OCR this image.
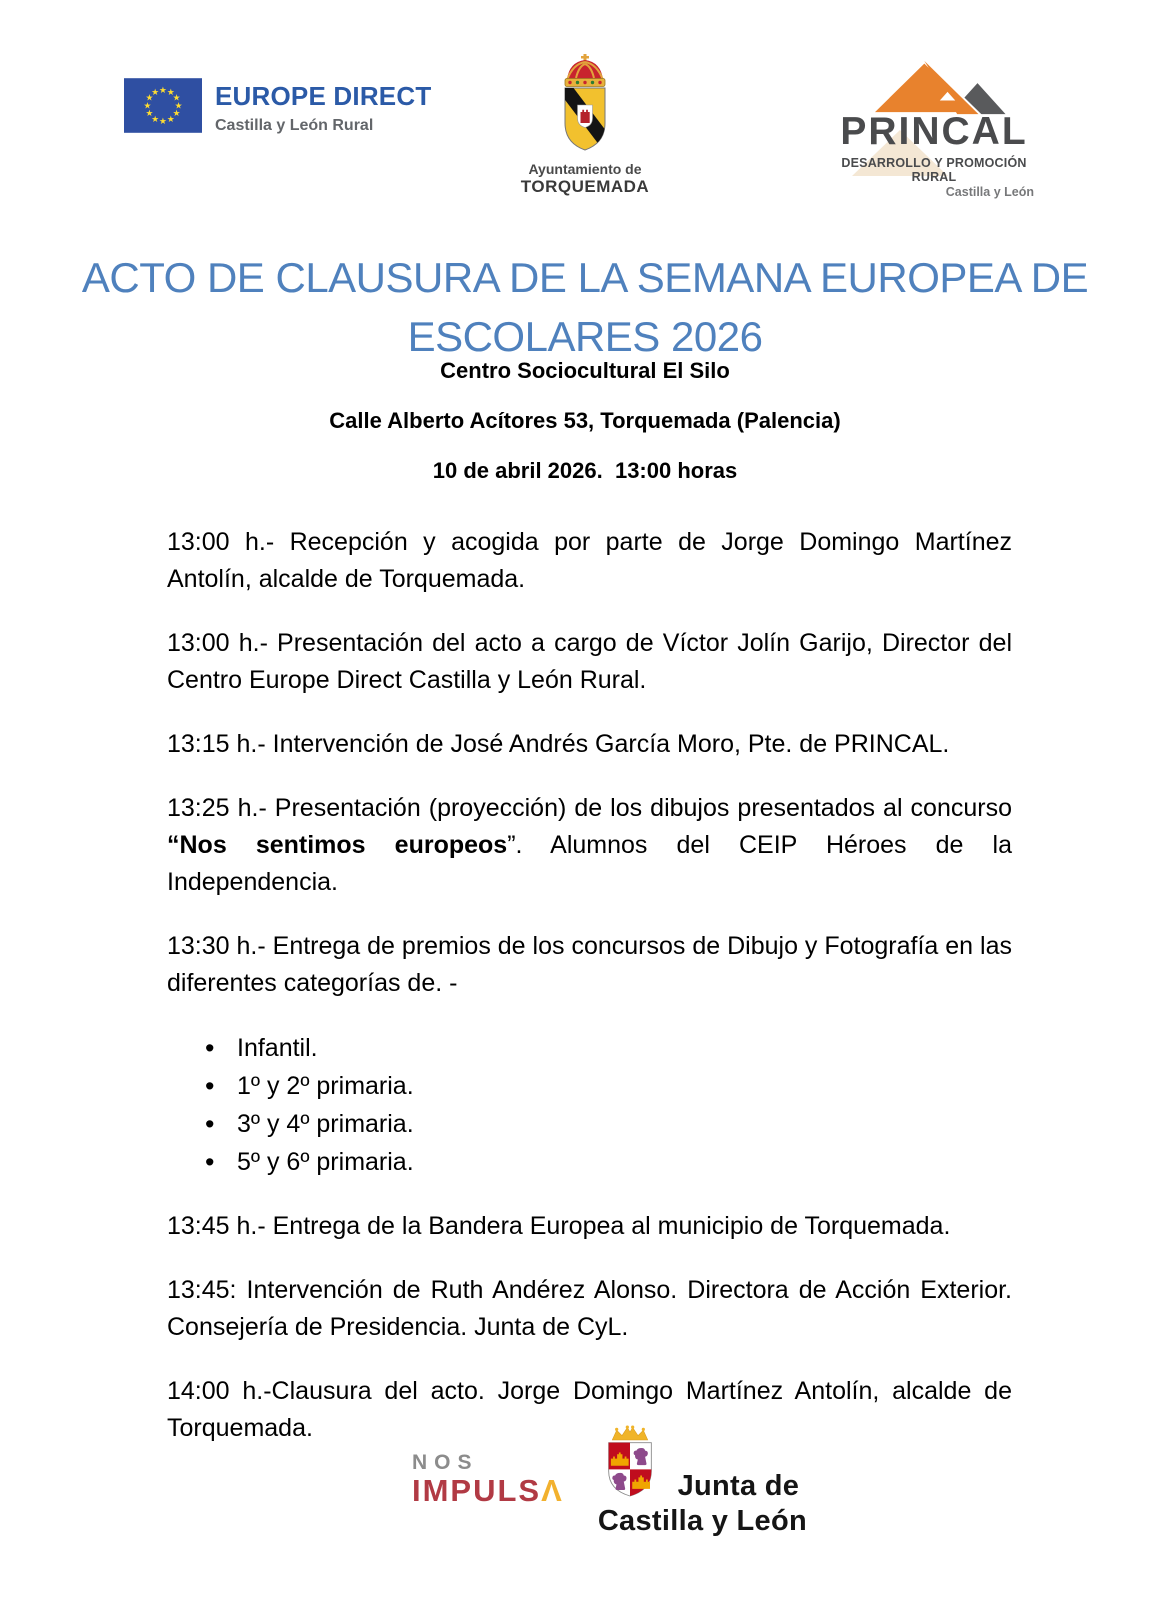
★ ★
★
★
★
★
★
★
★
★
★
★ EUROPE DIRECT
Castilla y León Rural
Ayuntamiento de
TORQUEMADA
PRINCAL
DESARROLLO Y PROMOCIÓN RURAL
Castilla y León
ACTO DE CLAUSURA DE LA SEMANA EUROPEA DE
ESCOLARES 2026

Centro Sociocultural El Silo

Calle Alberto Acítores 53, Torquemada (Palencia)

10 de abril 2026.  13:00 horas

13:00 h.- Recepción y acogida por parte de Jorge Domingo Martínez Antolín, alcalde de Torquemada.

13:00 h.- Presentación del acto a cargo de Víctor Jolín Garijo, Director del Centro Europe Direct Castilla y León Rural.

13:15 h.- Intervención de José Andrés García Moro, Pte. de PRINCAL.

13:25 h.- Presentación (proyección) de los dibujos presentados al concurso “Nos sentimos europeos”. Alumnos del CEIP Héroes de la Independencia.

13:30 h.- Entrega de premios de los concursos de Dibujo y Fotografía en las diferentes categorías de. -

• Infantil.
• 1º y 2º primaria.
• 3º y 4º primaria.
• 5º y 6º primaria.

13:45 h.- Entrega de la Bandera Europea al municipio de Torquemada.

13:45: Intervención de Ruth Andérez Alonso. Directora de Acción Exterior. Consejería de Presidencia. Junta de CyL.

14:00 h.-Clausura del acto. Jorge Domingo Martínez Antolín, alcalde de Torquemada.

NOS
IMPULSΛ	Junta de
Castilla y León
